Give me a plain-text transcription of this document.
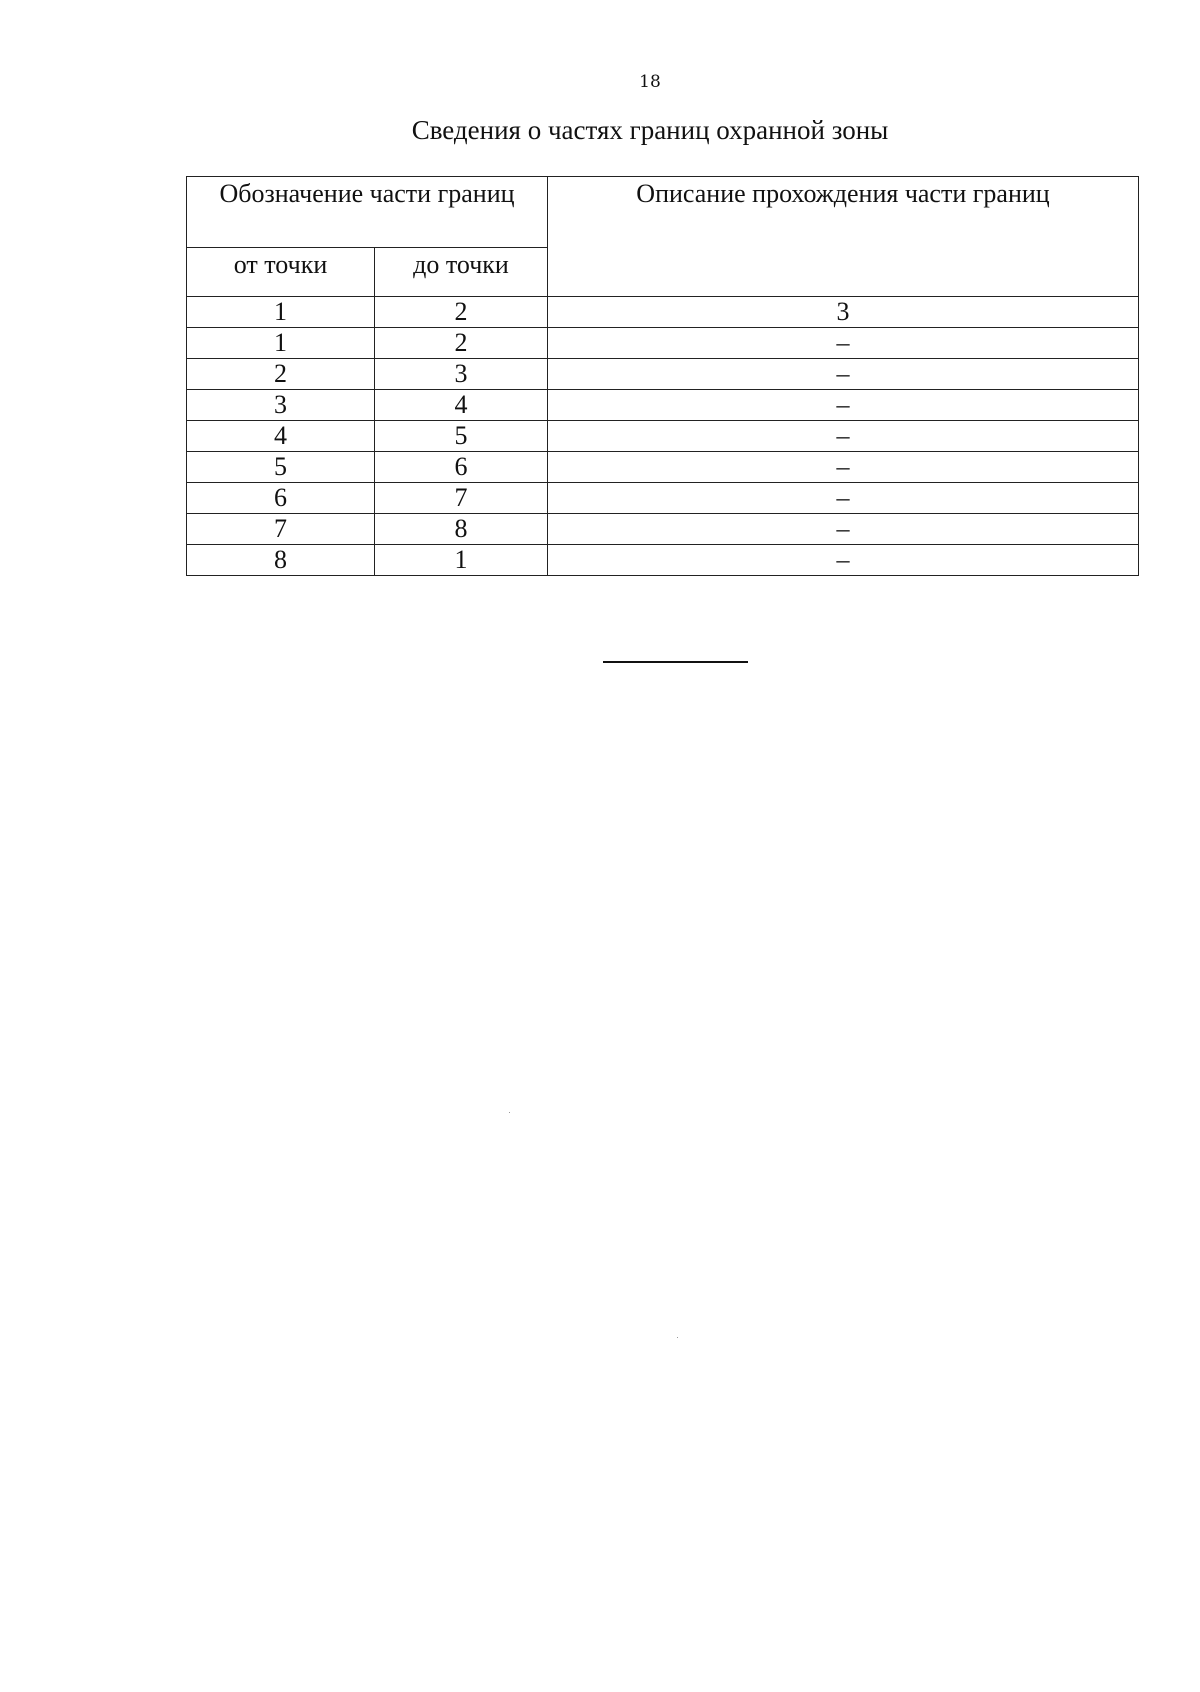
18
Сведения о частях границ охранной зоны
Обозначение части границ		Описание прохождения части границ
от точки	до точки	
1	2	3
1	2	–
2	3	–
3	4	–
4	5	–
5	6	–
6	7	–
7	8	–
8	1	–
